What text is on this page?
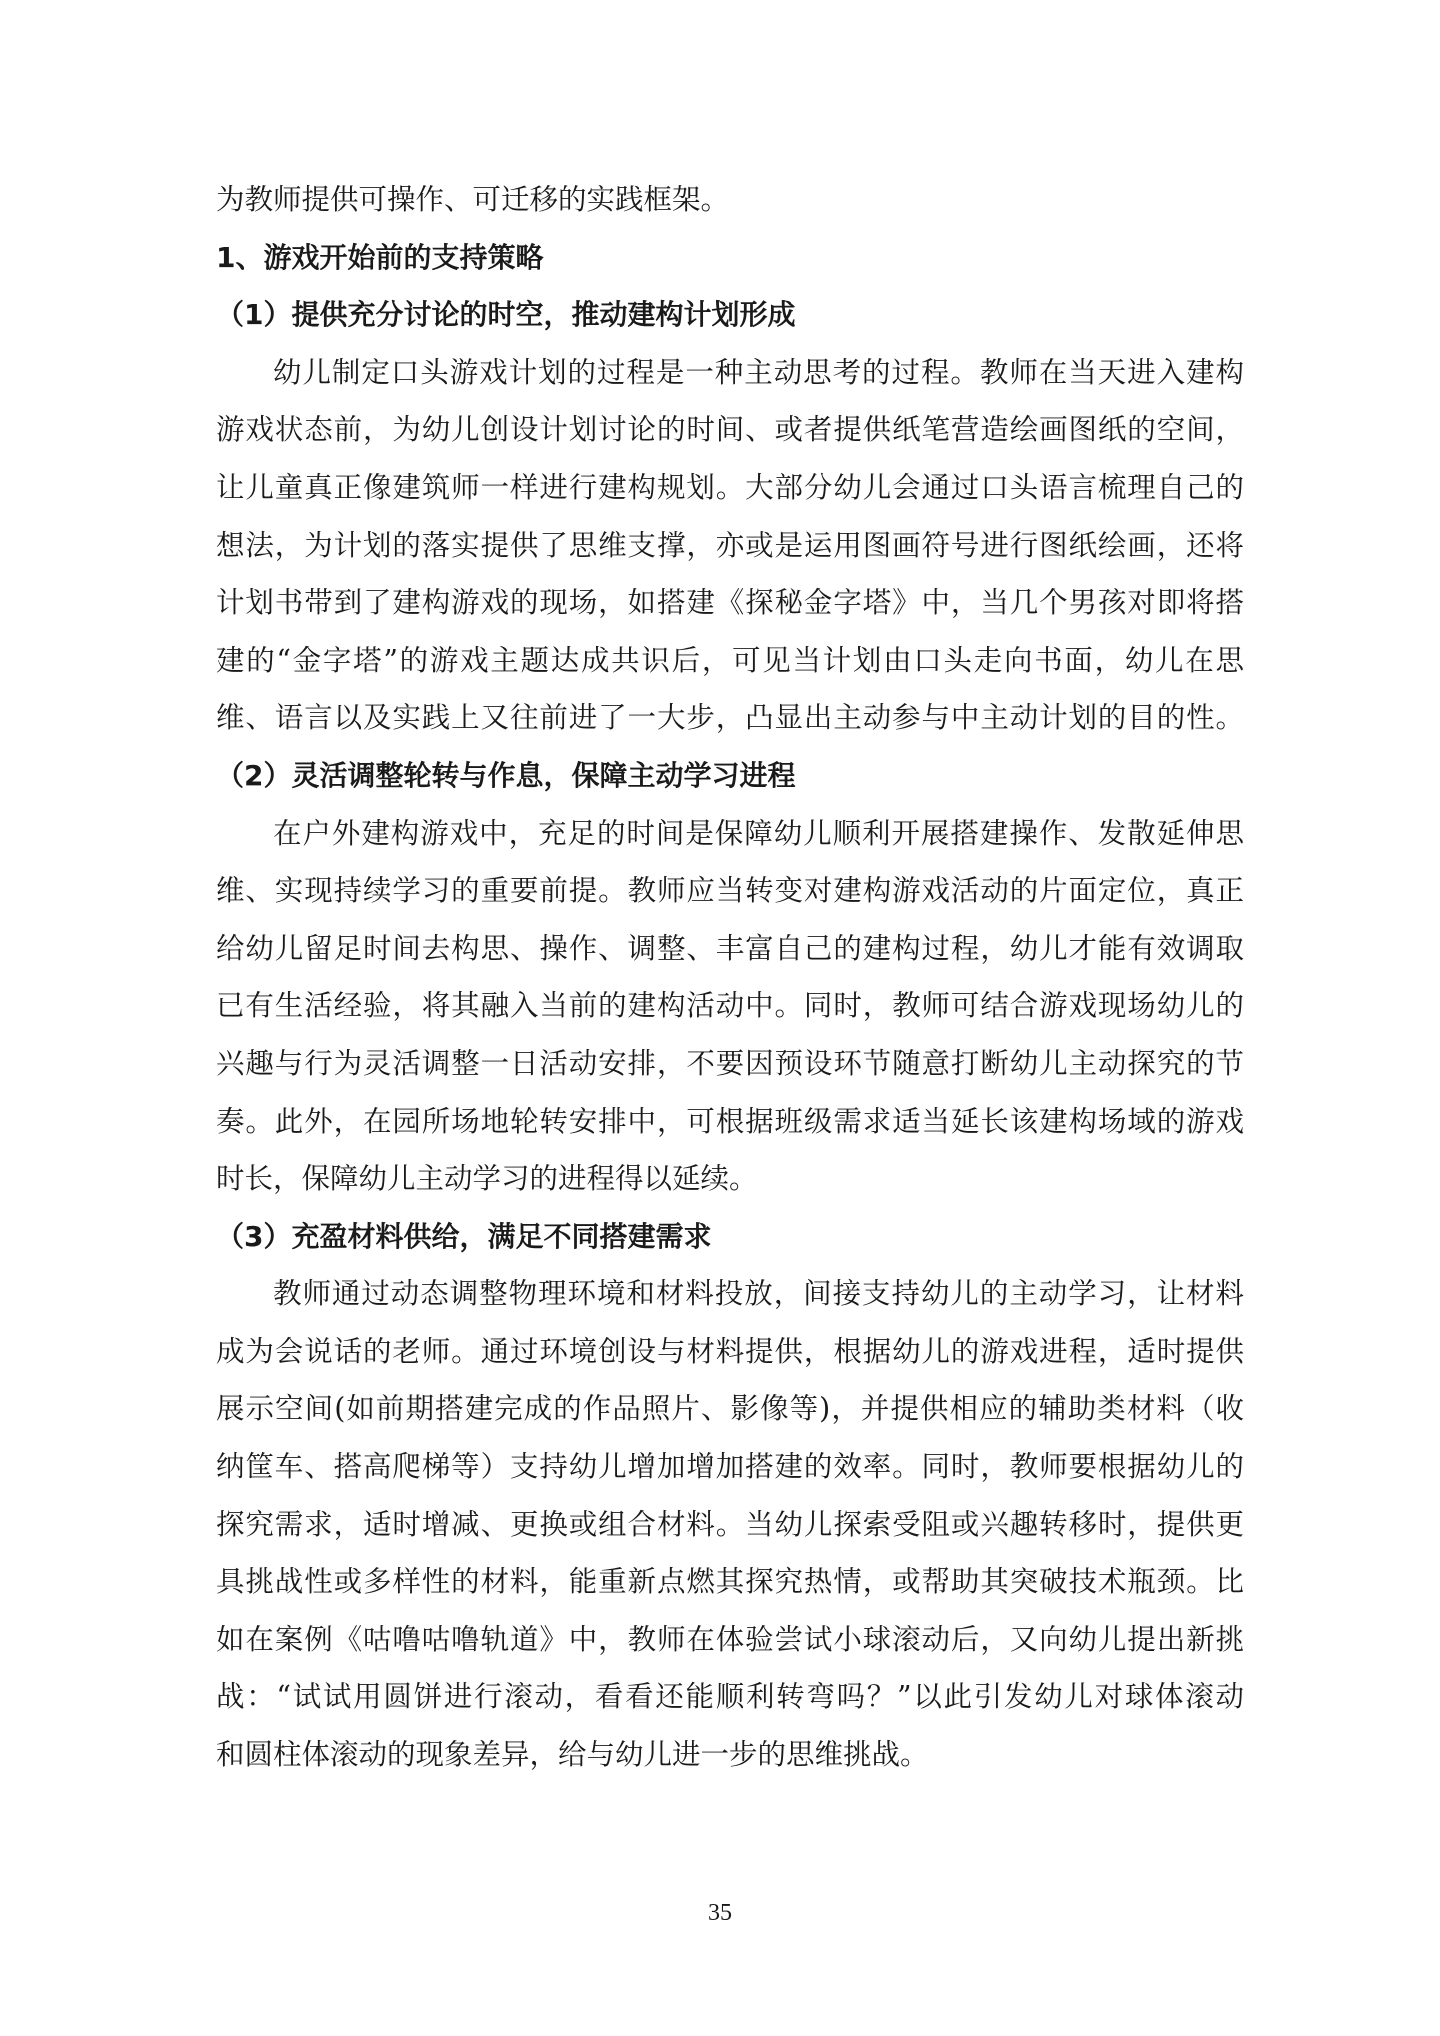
为教师提供可操作、可迁移的实践框架。
1、游戏开始前的支持策略
（1）提供充分讨论的时空，推动建构计划形成
幼儿制定口头游戏计划的过程是一种主动思考的过程。教师在当天进入建构
游戏状态前，为幼儿创设计划讨论的时间、或者提供纸笔营造绘画图纸的空间，
让儿童真正像建筑师一样进行建构规划。大部分幼儿会通过口头语言梳理自己的
想法，为计划的落实提供了思维支撑，亦或是运用图画符号进行图纸绘画，还将
计划书带到了建构游戏的现场，如搭建《探秘金字塔》中，当几个男孩对即将搭
建的“金字塔”的游戏主题达成共识后，可见当计划由口头走向书面，幼儿在思
维、语言以及实践上又往前进了一大步，凸显出主动参与中主动计划的目的性。
（2）灵活调整轮转与作息，保障主动学习进程
在户外建构游戏中，充足的时间是保障幼儿顺利开展搭建操作、发散延伸思
维、实现持续学习的重要前提。教师应当转变对建构游戏活动的片面定位，真正
给幼儿留足时间去构思、操作、调整、丰富自己的建构过程，幼儿才能有效调取
已有生活经验，将其融入当前的建构活动中。同时，教师可结合游戏现场幼儿的
兴趣与行为灵活调整一日活动安排，不要因预设环节随意打断幼儿主动探究的节
奏。此外，在园所场地轮转安排中，可根据班级需求适当延长该建构场域的游戏
时长，保障幼儿主动学习的进程得以延续。
（3）充盈材料供给，满足不同搭建需求
教师通过动态调整物理环境和材料投放，间接支持幼儿的主动学习，让材料
成为会说话的老师。通过环境创设与材料提供，根据幼儿的游戏进程，适时提供
展示空间(如前期搭建完成的作品照片、影像等)，并提供相应的辅助类材料（收
纳筐车、搭高爬梯等）支持幼儿增加增加搭建的效率。同时，教师要根据幼儿的
探究需求，适时增减、更换或组合材料。当幼儿探索受阻或兴趣转移时，提供更
具挑战性或多样性的材料，能重新点燃其探究热情，或帮助其突破技术瓶颈。比
如在案例《咕噜咕噜轨道》中，教师在体验尝试小球滚动后，又向幼儿提出新挑
战：“试试用圆饼进行滚动，看看还能顺利转弯吗？”以此引发幼儿对球体滚动
和圆柱体滚动的现象差异，给与幼儿进一步的思维挑战。
35
